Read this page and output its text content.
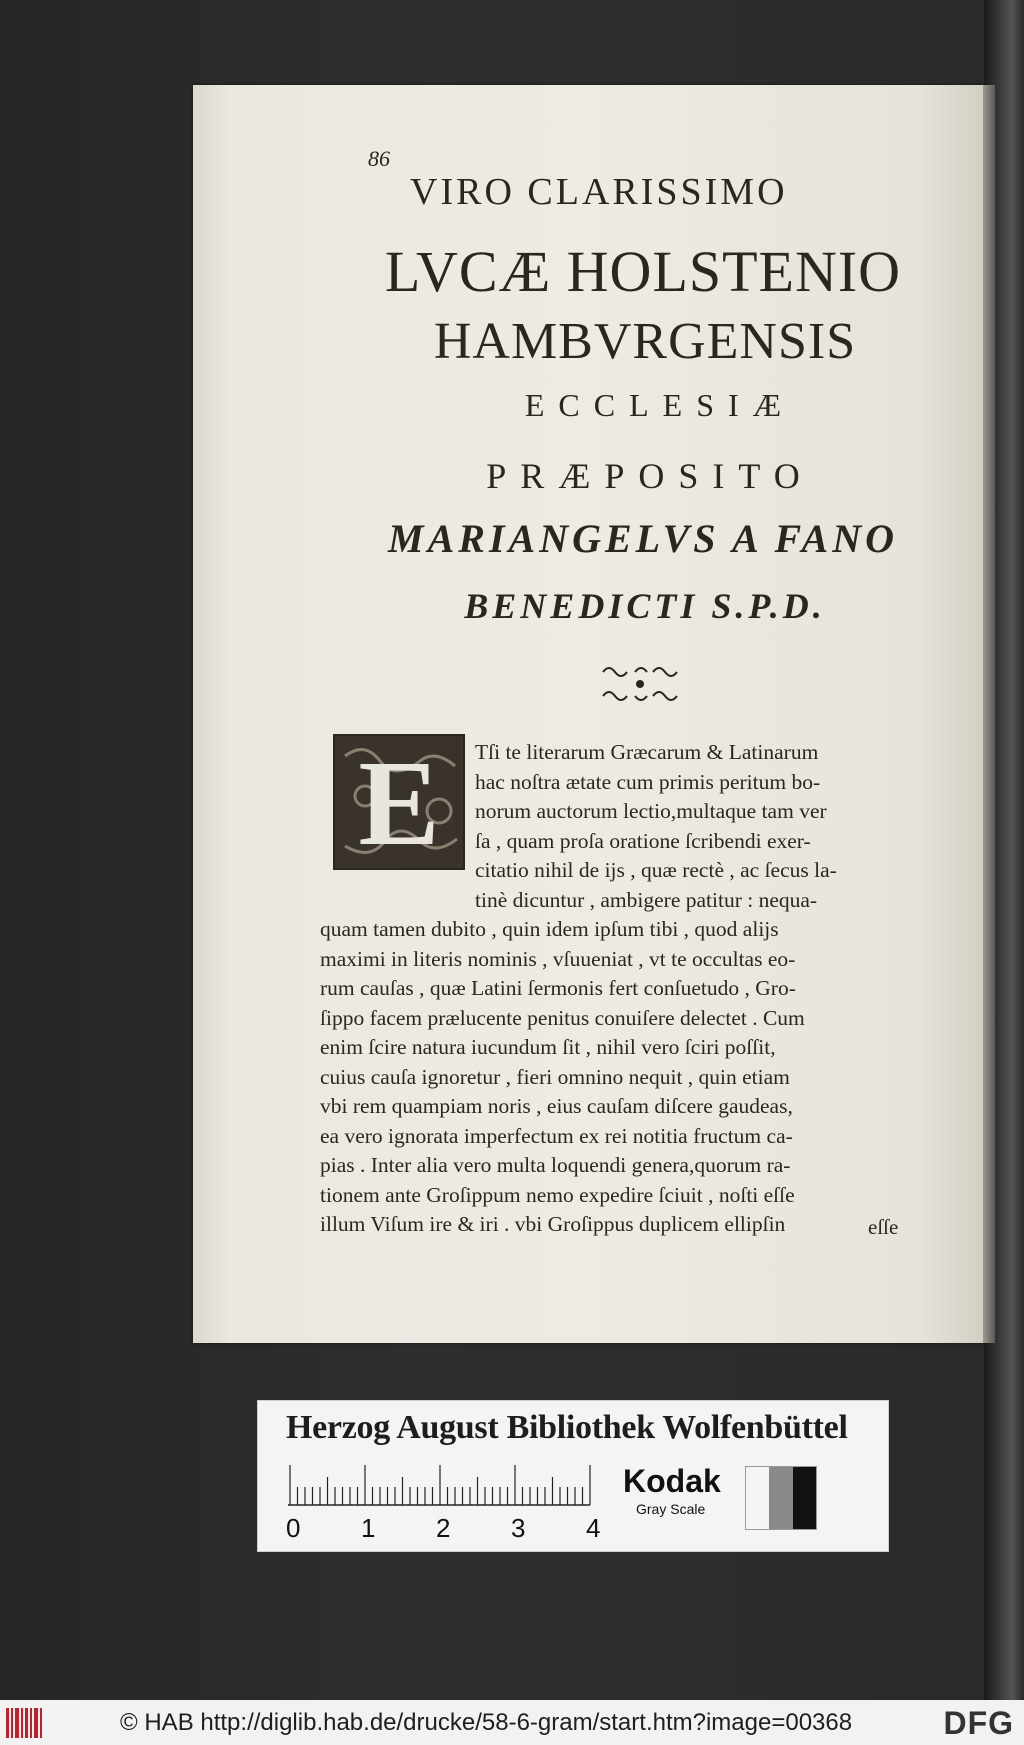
86
VIRO CLARISSIMO
LVCÆ HOLSTENIO
HAMBVRGENSIS
ECCLESIÆ
PRÆPOSITO
MARIANGELVS A FANO
BENEDICTI S.P.D.
E	Tſi te literarum Græcarum & Latinarum
hac noſtra ætate cum primis peritum bo-
norum auctorum lectio,multaque tam ver
ſa , quam proſa oratione ſcribendi exer-
citatio nihil de ijs , quæ rectè , ac ſecus la-
tinè dicuntur , ambigere patitur : nequa-
quam tamen dubito , quin idem ipſum tibi , quod alijs
maximi in literis nominis , vſuueniat , vt te occultas eo-
rum cauſas , quæ Latini ſermonis fert conſuetudo , Gro-
ſippo facem prælucente penitus conuiſere delectet . Cum
enim ſcire natura iucundum ſit , nihil vero ſciri poſſit,
cuius cauſa ignoretur , fieri omnino nequit , quin etiam
vbi rem quampiam noris , eius cauſam diſcere gaudeas,
ea vero ignorata imperfectum ex rei notitia fructum ca-
pias . Inter alia vero multa loquendi genera,quorum ra-
tionem ante Groſippum nemo expedire ſciuit , noſti eſſe
illum Viſum ire & iri . vbi Groſippus duplicem ellipſin	eſſe
Herzog August Bibliothek Wolfenbüttel
0 1 2 3 4
Kodak
Gray Scale
© HAB http://diglib.hab.de/drucke/58-6-gram/start.htm?image=00368	DFG
